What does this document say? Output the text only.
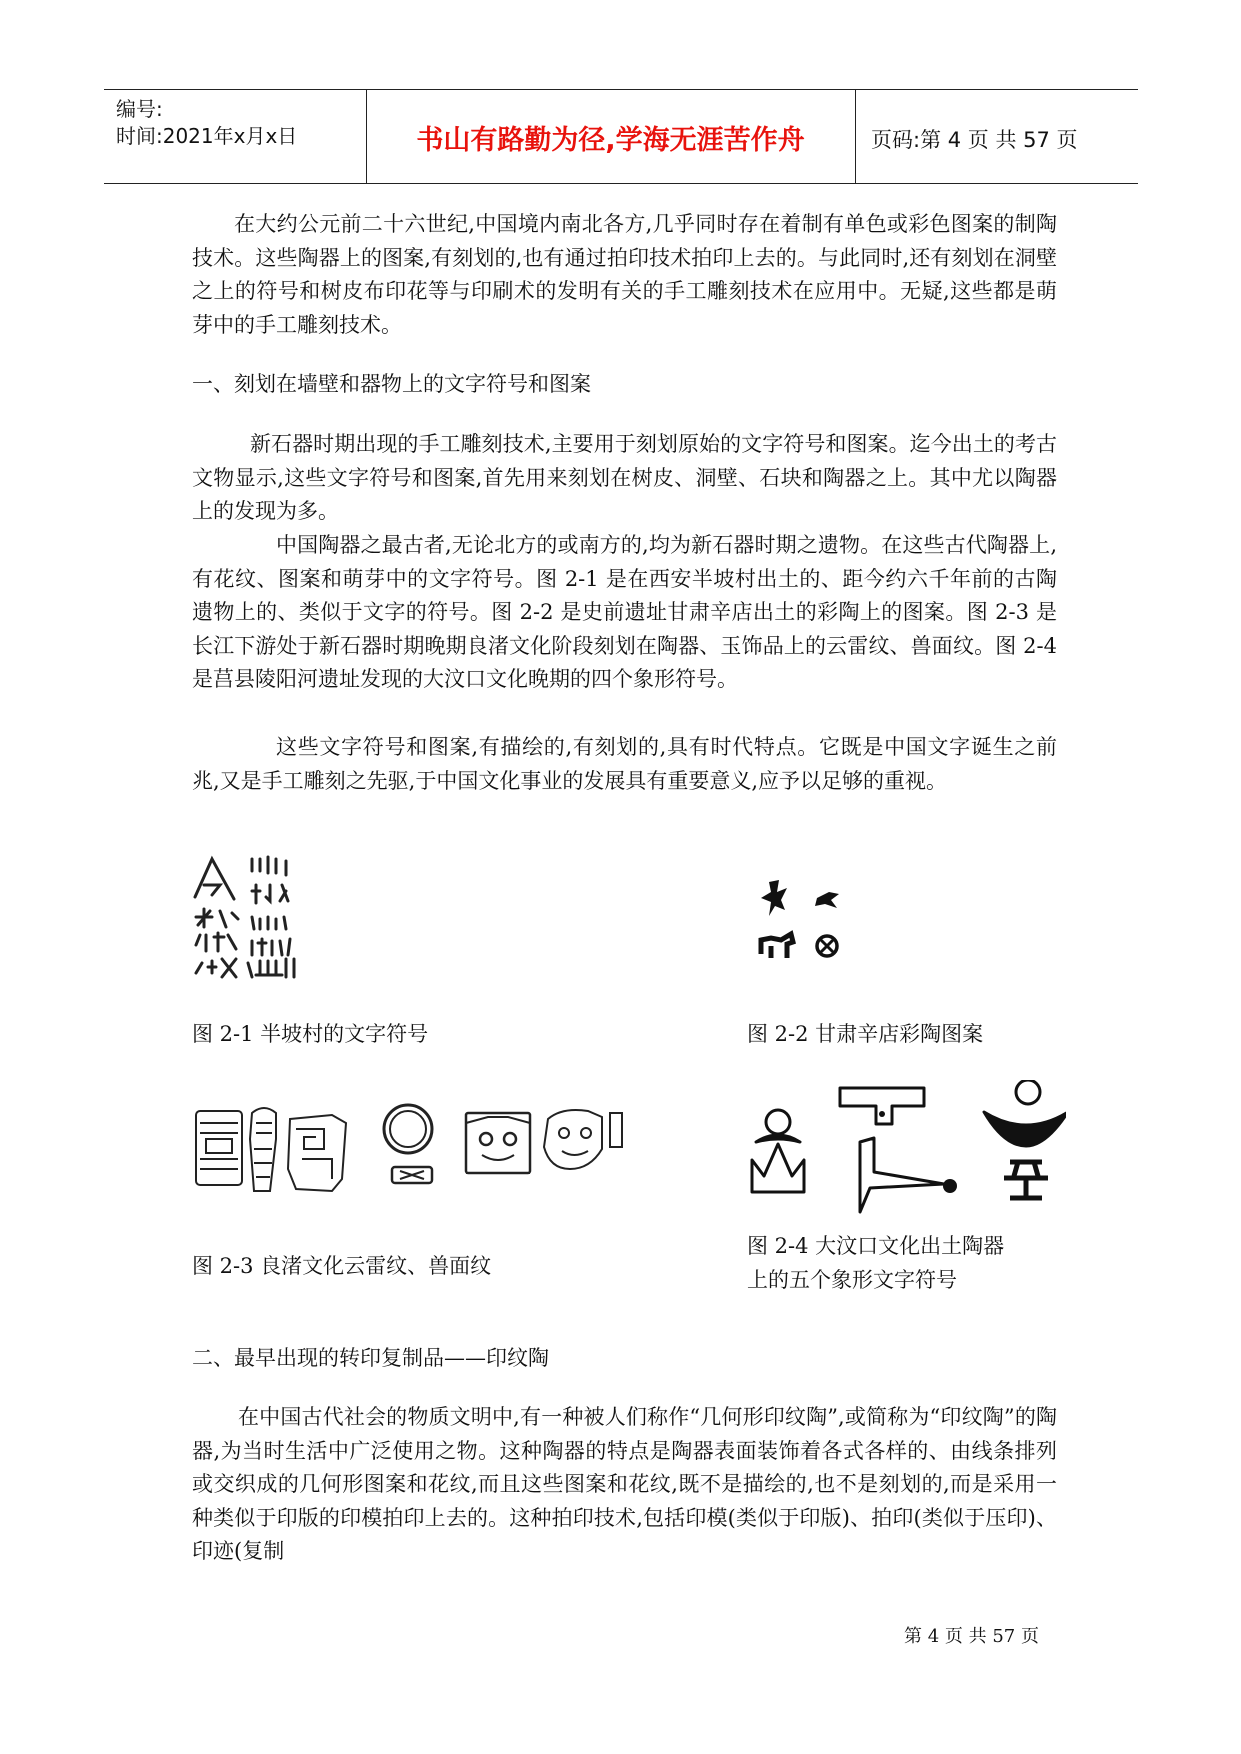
编号:
时间:2021年x月x日	书山有路勤为径,学海无涯苦作舟	页码:第 4 页 共 57 页

在大约公元前二十六世纪,中国境内南北各方,几乎同时存在着制有单色或彩色图案的制陶技术。这些陶器上的图案,有刻划的,也有通过拍印技术拍印上去的。与此同时,还有刻划在洞壁之上的符号和树皮布印花等与印刷术的发明有关的手工雕刻技术在应用中。无疑,这些都是萌芽中的手工雕刻技术。

一、刻划在墙壁和器物上的文字符号和图案

新石器时期出现的手工雕刻技术,主要用于刻划原始的文字符号和图案。迄今出土的考古文物显示,这些文字符号和图案,首先用来刻划在树皮、洞壁、石块和陶器之上。其中尤以陶器上的发现为多。

中国陶器之最古者,无论北方的或南方的,均为新石器时期之遗物。在这些古代陶器上,有花纹、图案和萌芽中的文字符号。图 2-1 是在西安半坡村出土的、距今约六千年前的古陶遗物上的、类似于文字的符号。图 2-2 是史前遗址甘肃辛店出土的彩陶上的图案。图 2-3 是长江下游处于新石器时期晚期良渚文化阶段刻划在陶器、玉饰品上的云雷纹、兽面纹。图 2-4 是莒县陵阳河遗址发现的大汶口文化晚期的四个象形符号。

这些文字符号和图案,有描绘的,有刻划的,具有时代特点。它既是中国文字诞生之前兆,又是手工雕刻之先驱,于中国文化事业的发展具有重要意义,应予以足够的重视。

图 2-1 半坡村的文字符号	图 2-2 甘肃辛店彩陶图案
图 2-3 良渚文化云雷纹、兽面纹
图 2-4 大汶口文化出土陶器
上的五个象形文字符号

二、最早出现的转印复制品——印纹陶

在中国古代社会的物质文明中,有一种被人们称作“几何形印纹陶”,或简称为“印纹陶”的陶器,为当时生活中广泛使用之物。这种陶器的特点是陶器表面装饰着各式各样的、由线条排列或交织成的几何形图案和花纹,而且这些图案和花纹,既不是描绘的,也不是刻划的,而是采用一种类似于印版的印模拍印上去的。这种拍印技术,包括印模(类似于印版)、拍印(类似于压印)、印迹(复制

第 4 页 共 57 页
